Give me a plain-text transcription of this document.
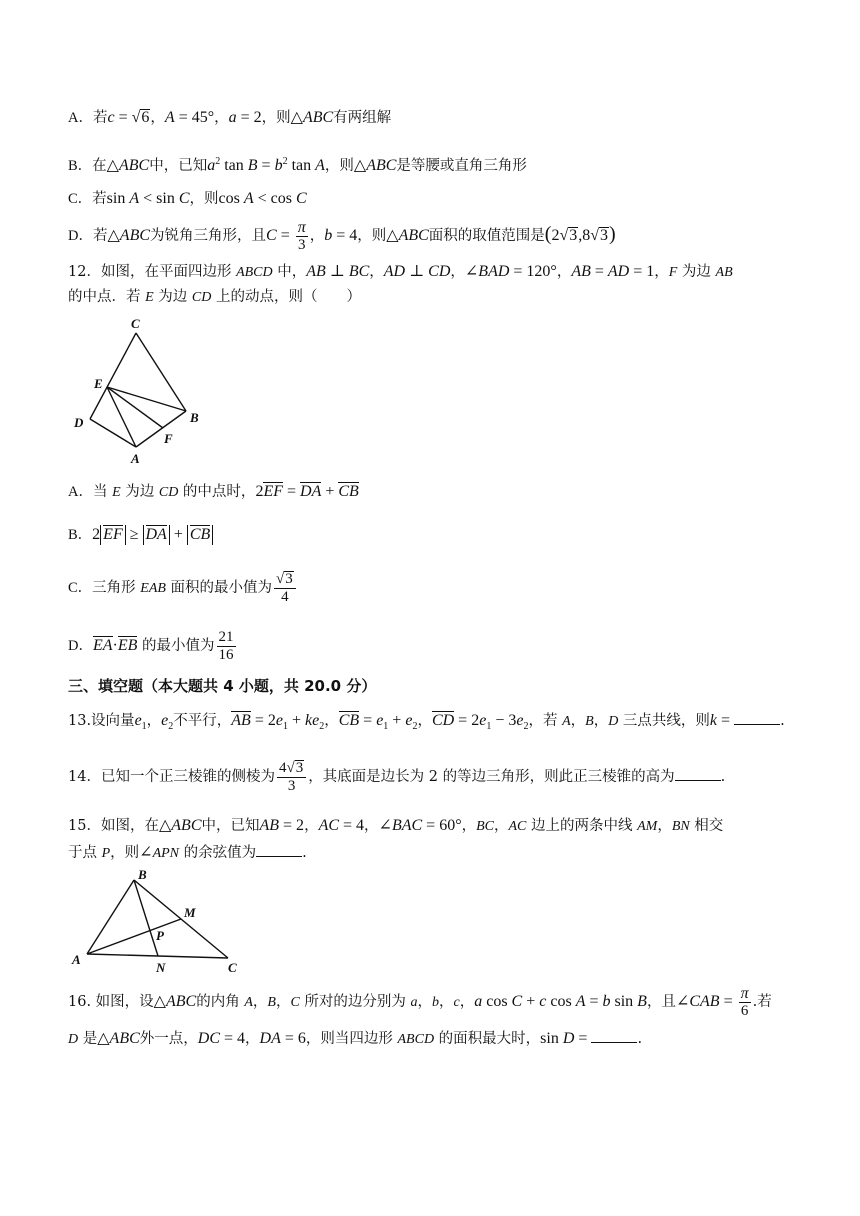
A．若c = √6，A = 45°，a = 2，则△ABC有两组解
B．在△ABC中，已知$a^2$ $\tan B = b^2$ tan A，则△ABC是等腰或直角三角形
C．若sin A < sin C，则cos A < cos C
D．若△ABC为锐角三角形，且$C = \frac{\pi}{3}$ ，b = 4，则△ABC面积的取值范围是(2√3,8√3)
12．如图，在平面四边形 ABCD 中，AB ⊥ BC，AD ⊥ CD，∠BAD = 120°，AB = AD = 1，F 为边 AB
的中点．若 E 为边 CD 上的动点，则（　　）
C
E
D	B
F
A
A．当 E 为边 CD 的中点时，2EF = DA + CB
B．2 EF ≥ DA + CB
C．三角形 EAB 面积的最小值为 $\frac{√3}{4}$
D．EA·EB 的最小值为 $\frac{21}{16}$
三、填空题（本大题共 4 小题，共 20.0 分）
13.设向量$e_1$，$e_2$不平行，AB = $2e_1 + ke_2$，CB = $e_1 + e_2$，CD = $2e_1 - 3e_2$，若 A，B，D 三点共线，则k =	.
14．已知一个正三棱锥的侧棱为 $\frac{4√3}{3}$ ，其底面是边长为 2 的等边三角形，则此正三棱锥的高为	.
15．如图，在△ABC中，已知AB = 2，AC = 4，∠BAC = 60°，BC，AC 边上的两条中线 AM，BN 相交
于点 P，则∠APN 的余弦值为	.
B
M
P
A
N	C
16. 如图，设△ABC的内角 A，B，C 所对的边分别为 a，b，c，a cos C + c cos A = b sin B，且∠CAB = $\frac{\pi}{6}$ .若
D 是△ABC外一点，DC = 4，DA = 6，则当四边形 ABCD 的面积最大时，sin D =	.
